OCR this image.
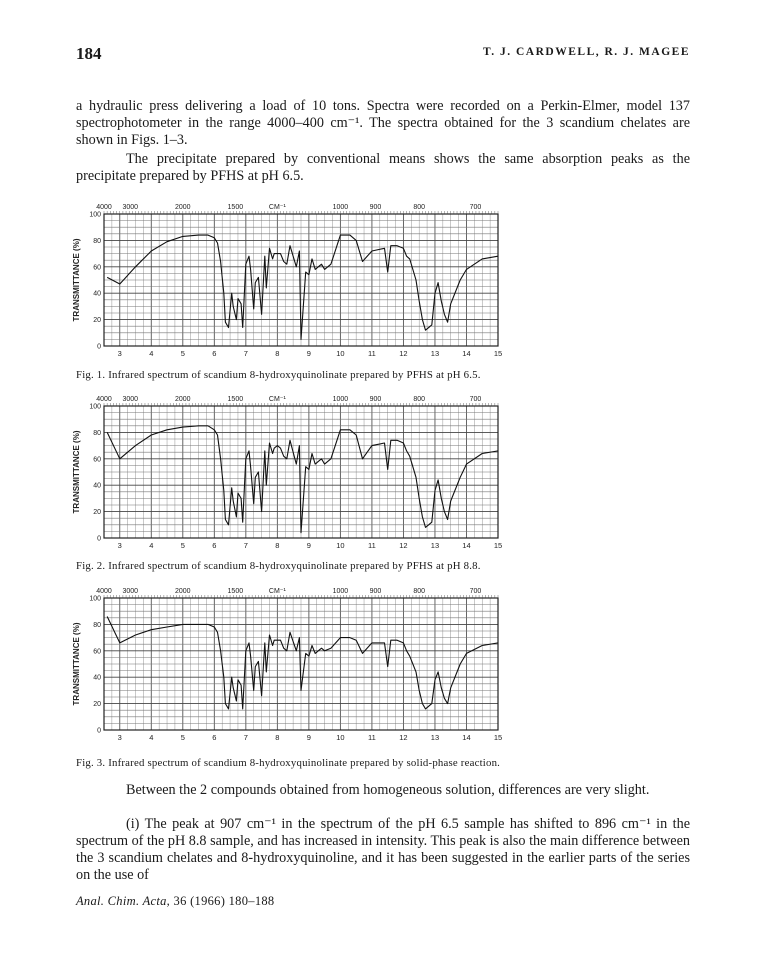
184	T. J. CARDWELL, R. J. MAGEE

a hydraulic press delivering a load of 10 tons. Spectra were recorded on a Perkin-Elmer, model 137 spectrophotometer in the range 4000–400 cm⁻¹. The spectra obtained for the 3 scandium chelates are shown in Figs. 1–3.

The precipitate prepared by conventional means shows the same absorption peaks as the precipitate prepared by PFHS at pH 6.5.

4000 3000	2000	1500	1000	900	800	700
CM⁻¹
3	4	5	6	7	8	9	10	11	12	13	14	15
100
80
60
40
20
0
TRANSMITTANCE (%)

Fig. 1. Infrared spectrum of scandium 8-hydroxyquinolinate prepared by PFHS at pH 6.5.

4000 3000	2000	1500	1000	900	800	700
CM⁻¹
3	4	5	6	7	8	9	10	11	12	13	14	15
100
80
60
40
20
0
TRANSMITTANCE (%)

Fig. 2. Infrared spectrum of scandium 8-hydroxyquinolinate prepared by PFHS at pH 8.8.

4000 3000	2000	1500	1000	900	800	700
CM⁻¹
3	4	5	6	7	8	9	10	11	12	13	14	15
100
80
60
40
20
0
TRANSMITTANCE (%)

Fig. 3. Infrared spectrum of scandium 8-hydroxyquinolinate prepared by solid-phase reaction.

Between the 2 compounds obtained from homogeneous solution, differences are very slight.

(i) The peak at 907 cm⁻¹ in the spectrum of the pH 6.5 sample has shifted to 896 cm⁻¹ in the spectrum of the pH 8.8 sample, and has increased in intensity. This peak is also the main difference between the 3 scandium chelates and 8-hydroxyquinoline, and it has been suggested in the earlier parts of the series on the use of

Anal. Chim. Acta, 36 (1966) 180–188
